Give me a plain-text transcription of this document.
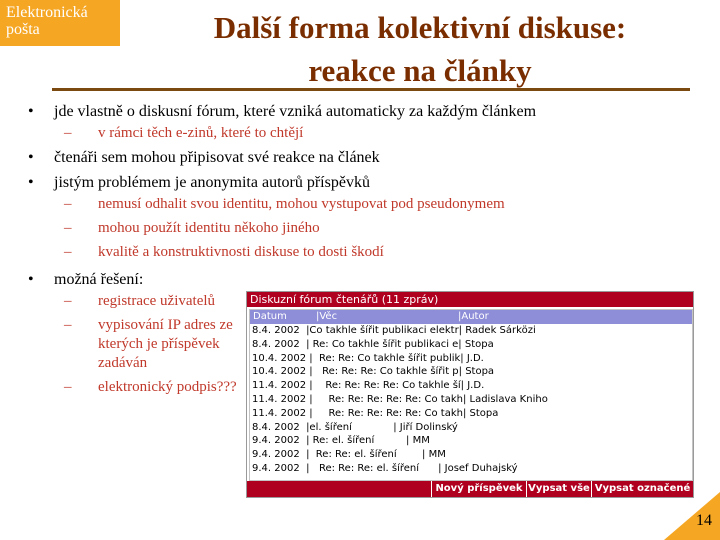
Elektronická
pošta	Další forma kolektivní diskuse:
reakce na články
• jde vlastně o diskusní fórum, které vzniká automaticky za každým článkem
– v rámci těch e-zinů, které to chtějí
• čtenáři sem mohou připisovat své reakce na článek
• jistým problémem je anonymita autorů příspěvků
– nemusí odhalit svou identitu, mohou vystupovat pod pseudonymem
– mohou použít identitu někoho jiného
– kvalitě a konstruktivnosti diskuse to dosti škodí
• možná řešení:
– registrace uživatelů
– vypisování IP adres ze kterých je příspěvek zadáván
– elektronický podpis???
Diskuzní fórum čtenářů (11 zpráv)
Datum	|Věc	|Autor
8.4. 2002  |Co takhle šířit publikaci elektr| Radek Sárközi
8.4. 2002  | Re: Co takhle šířit publikaci e| Stopa
10.4. 2002 |  Re: Re: Co takhle šířit publik| J.D.
10.4. 2002 |   Re: Re: Re: Co takhle šířit p| Stopa
11.4. 2002 |    Re: Re: Re: Re: Co takhle ší| J.D.
11.4. 2002 |     Re: Re: Re: Re: Re: Co takh| Ladislava Kniho
11.4. 2002 |     Re: Re: Re: Re: Re: Co takh| Stopa
8.4. 2002  |el. šíření             | Jiří Dolinský
9.4. 2002  | Re: el. šíření          | MM
9.4. 2002  |  Re: Re: el. šíření        | MM
9.4. 2002  |   Re: Re: Re: el. šíření      | Josef Duhajský
Nový příspěvek Vypsat vše Vypsat označené
14
